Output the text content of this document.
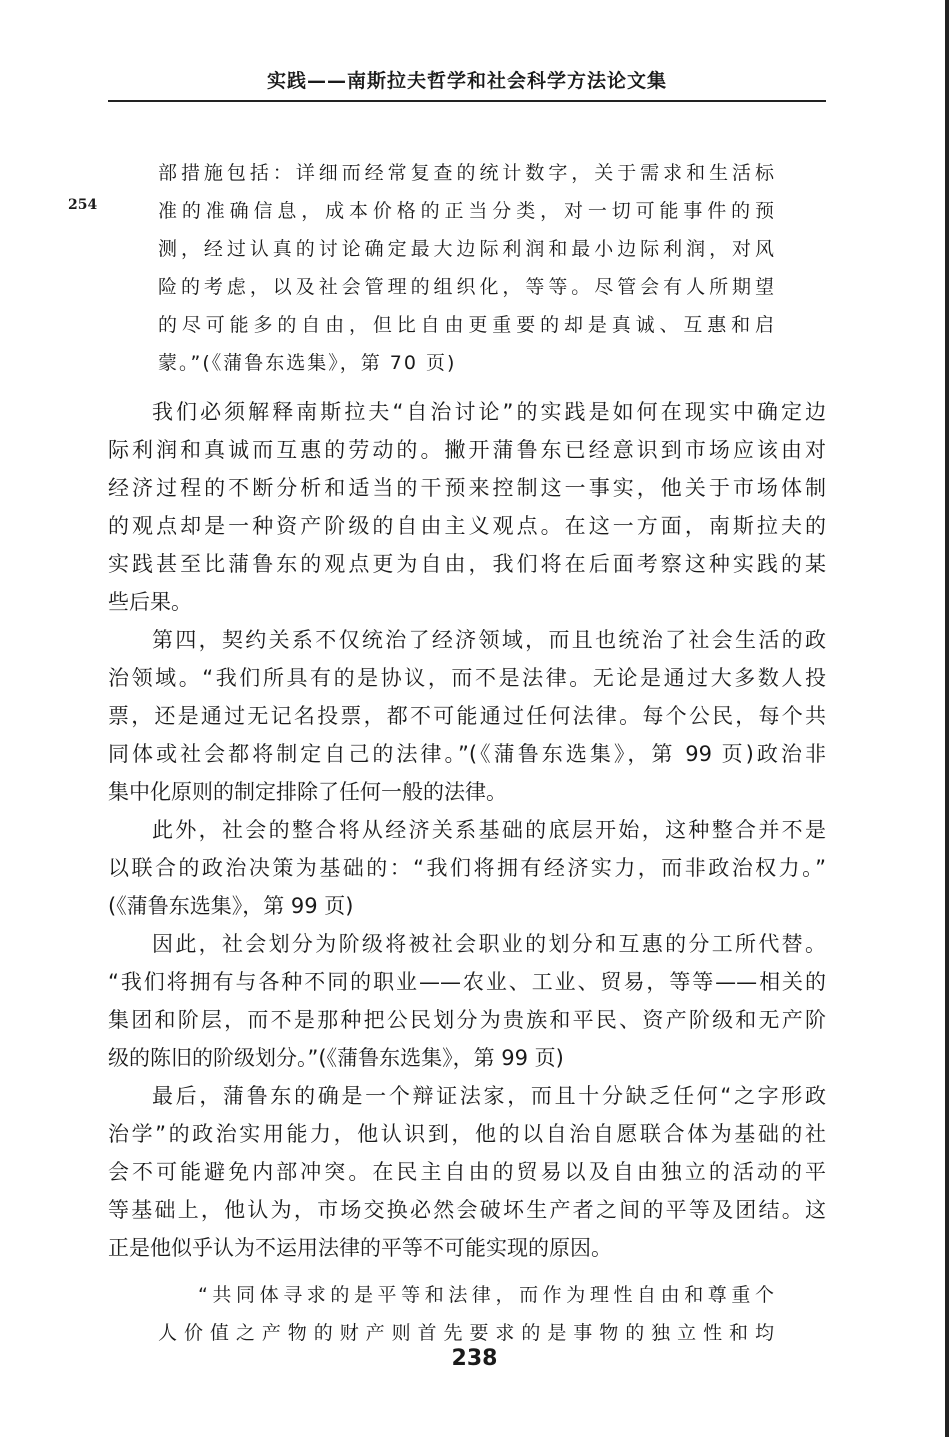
实践——南斯拉夫哲学和社会科学方法论文集
254
部措施包括：详细而经常复查的统计数字，关于需求和生活标
准的准确信息，成本价格的正当分类，对一切可能事件的预
测，经过认真的讨论确定最大边际利润和最小边际利润，对风
险的考虑，以及社会管理的组织化，等等。尽管会有人所期望
的尽可能多的自由，但比自由更重要的却是真诚、互惠和启
蒙。”(《蒲鲁东选集》，第 70 页)
我们必须解释南斯拉夫“自治讨论”的实践是如何在现实中确定边
际利润和真诚而互惠的劳动的。撇开蒲鲁东已经意识到市场应该由对
经济过程的不断分析和适当的干预来控制这一事实，他关于市场体制
的观点却是一种资产阶级的自由主义观点。在这一方面，南斯拉夫的
实践甚至比蒲鲁东的观点更为自由，我们将在后面考察这种实践的某
些后果。
第四，契约关系不仅统治了经济领域，而且也统治了社会生活的政
治领域。“我们所具有的是协议，而不是法律。无论是通过大多数人投
票，还是通过无记名投票，都不可能通过任何法律。每个公民，每个共
同体或社会都将制定自己的法律。”(《蒲鲁东选集》，第 99 页)政治非
集中化原则的制定排除了任何一般的法律。
此外，社会的整合将从经济关系基础的底层开始，这种整合并不是
以联合的政治决策为基础的：“我们将拥有经济实力，而非政治权力。”
(《蒲鲁东选集》，第 99 页)
因此，社会划分为阶级将被社会职业的划分和互惠的分工所代替。
“我们将拥有与各种不同的职业——农业、工业、贸易，等等——相关的
集团和阶层，而不是那种把公民划分为贵族和平民、资产阶级和无产阶
级的陈旧的阶级划分。”(《蒲鲁东选集》，第 99 页)
最后，蒲鲁东的确是一个辩证法家，而且十分缺乏任何“之字形政
治学”的政治实用能力，他认识到，他的以自治自愿联合体为基础的社
会不可能避免内部冲突。在民主自由的贸易以及自由独立的活动的平
等基础上，他认为，市场交换必然会破坏生产者之间的平等及团结。这
正是他似乎认为不运用法律的平等不可能实现的原因。
“共同体寻求的是平等和法律，而作为理性自由和尊重个
人价值之产物的财产则首先要求的是事物的独立性和均
238
